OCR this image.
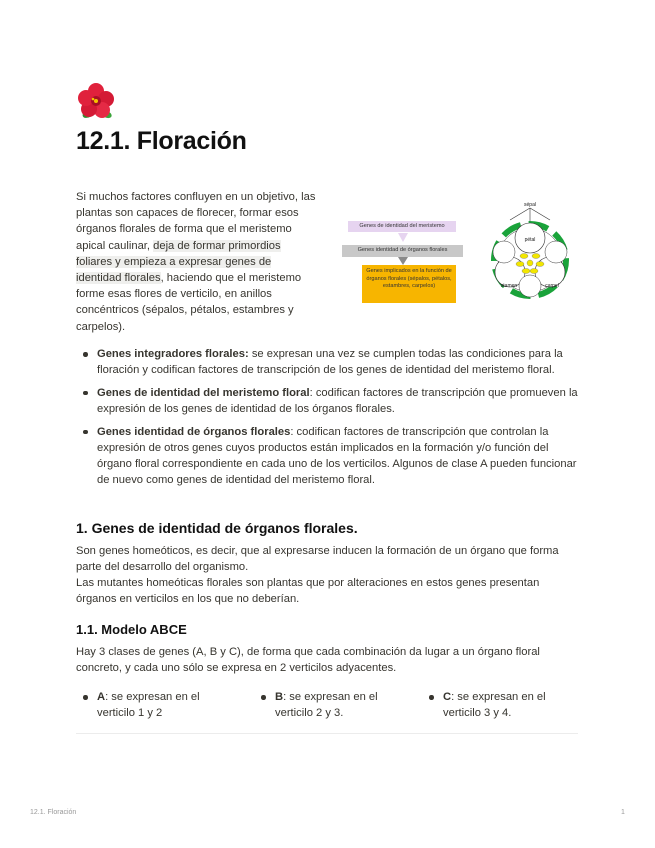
12.1. Floración
Si muchos factores confluyen en un objetivo, las plantas son capaces de florecer, formar esos órganos florales de forma que el meristemo apical caulinar, deja de formar primordios foliares y empieza a expresar genes de identidad florales, haciendo que el meristemo forme esas flores de verticilo, en anillos concéntricos (sépalos, pétalos, estambres y carpelos).
Genes de identidad del meristemo
Genes identidad de órganos florales
Genes implicados en la función de órganos florales (sépalos, pétalos, estambres, carpelos)
sépal
pétal
stamen	carpel
Genes integradores florales: se expresan una vez se cumplen todas las condiciones para la floración y codifican factores de transcripción de los genes de identidad del meristemo floral.
Genes de identidad del meristemo floral: codifican factores de transcripción que promueven la expresión de los genes de identidad de los órganos florales.
Genes identidad de órganos florales: codifican factores de transcripción que controlan la expresión de otros genes cuyos productos están implicados en la formación y/o función del órgano floral correspondiente en cada uno de los verticilos. Algunos de clase A pueden funcionar de nuevo como genes de identidad del meristemo floral.
1. Genes de identidad de órganos florales.
Son genes homeóticos, es decir, que al expresarse inducen la formación de un órgano que forma parte del desarrollo del organismo.
Las mutantes homeóticas florales son plantas que por alteraciones en estos genes presentan órganos en verticilos en los que no deberían.
1.1. Modelo ABCE
Hay 3 clases de genes (A, B y C), de forma que cada combinación da lugar a un órgano floral concreto, y cada uno sólo se expresa en 2 verticilos adyacentes.
A: se expresan en el verticilo 1 y 2
B: se expresan en el verticilo 2 y 3.
C: se expresan en el verticilo 3 y 4.
12.1. Floración	1
